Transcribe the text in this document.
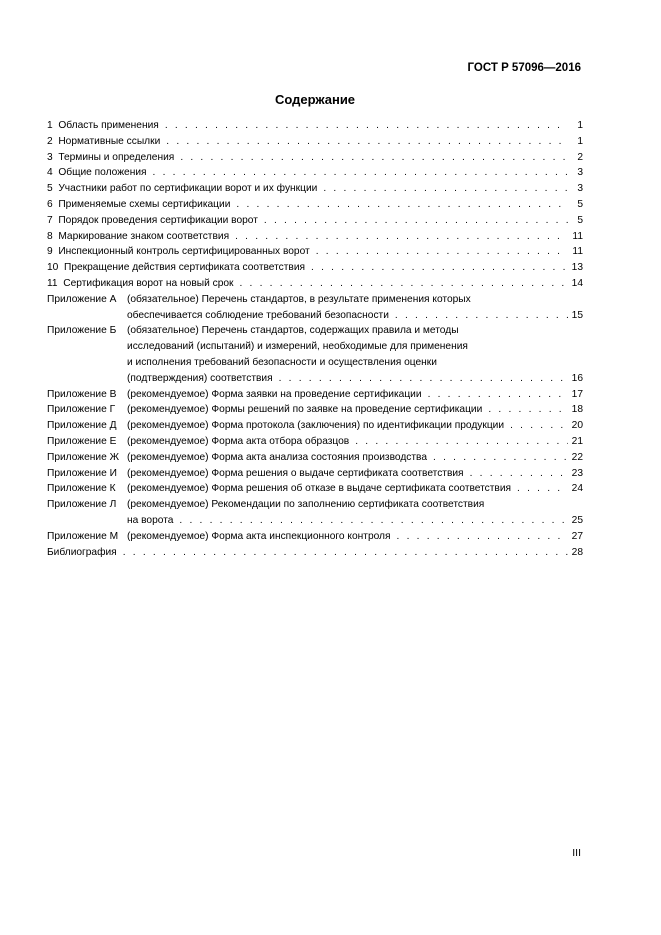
ГОСТ Р 57096—2016
Содержание
1 Область применения . . .	1
2 Нормативные ссылки . . .	1
3 Термины и определения . . .	2
4 Общие положения . . .	3
5 Участники работ по сертификации ворот и их функции . . .	3
6 Применяемые схемы сертификации . . .	5
7 Порядок проведения сертификации ворот . . .	5
8 Маркирование знаком соответствия . . .	11
9 Инспекционный контроль сертифицированных ворот . . .	11
10 Прекращение действия сертификата соответствия . . .	13
11 Сертификация ворот на новый срок . . .	14
Приложение А (обязательное) Перечень стандартов, в результате применения которых
обеспечивается соблюдение требований безопасности . . .	15
Приложение Б (обязательное) Перечень стандартов, содержащих правила и методы
исследований (испытаний) и измерений, необходимые для применения
и исполнения требований безопасности и осуществления оценки
(подтверждения) соответствия . . .	16
Приложение В (рекомендуемое) Форма заявки на проведение сертификации . . .	17
Приложение Г (рекомендуемое) Формы решений по заявке на проведение сертификации . . .	18
Приложение Д (рекомендуемое) Форма протокола (заключения) по идентификации продукции . . .	20
Приложение Е (рекомендуемое) Форма акта отбора образцов . . .	21
Приложение Ж (рекомендуемое) Форма акта анализа состояния производства . . .	22
Приложение И (рекомендуемое) Форма решения о выдаче сертификата соответствия . . .	23
Приложение К (рекомендуемое) Форма решения об отказе в выдаче сертификата соответствия . . .	24
Приложение Л (рекомендуемое) Рекомендации по заполнению сертификата соответствия
на ворота . . .	25
Приложение М (рекомендуемое) Форма акта инспекционного контроля . . .	27
Библиография . . .	28
III
